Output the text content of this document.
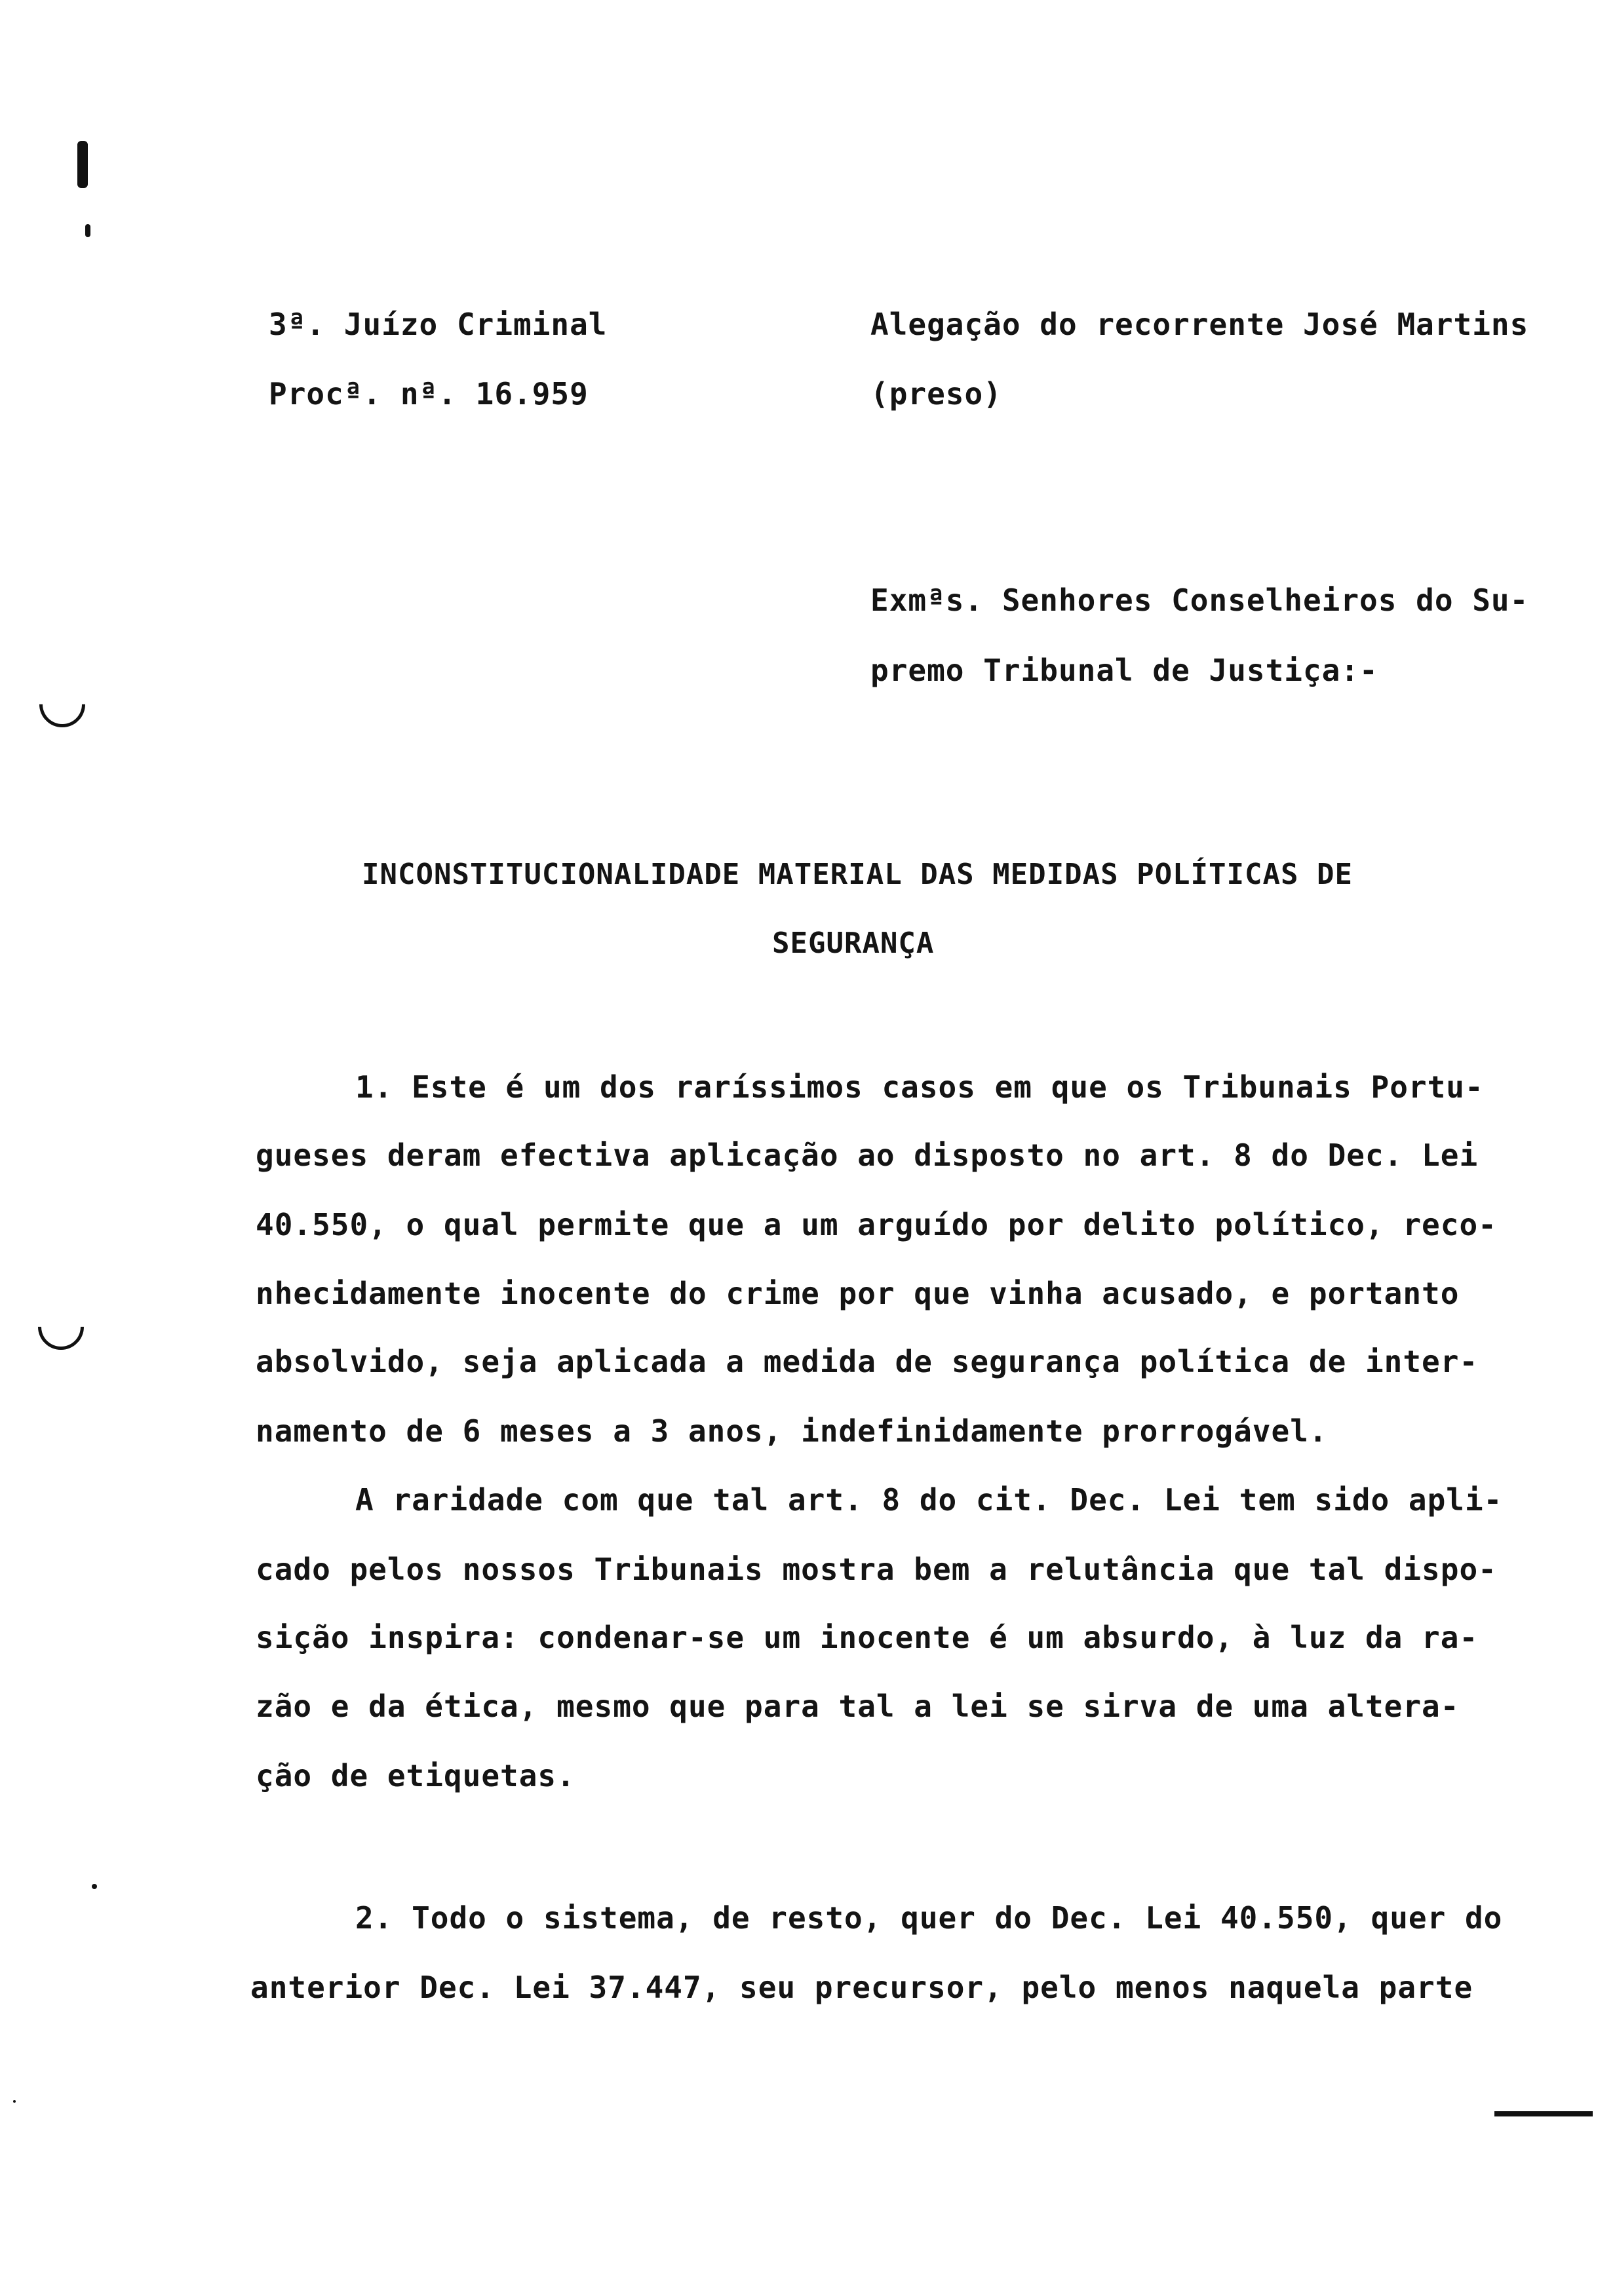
3ª. Juízo Criminal
Procª. nª. 16.959
Alegação do recorrente José Martins
(preso)
Exmªs. Senhores Conselheiros do Su-
premo Tribunal de Justiça:-
INCONSTITUCIONALIDADE MATERIAL DAS MEDIDAS POLÍTICAS DE
SEGURANÇA
1. Este é um dos raríssimos casos em que os Tribunais Portu-
gueses deram efectiva aplicação ao disposto no art. 8 do Dec. Lei
40.550, o qual permite que a um arguído por delito político, reco-
nhecidamente inocente do crime por que vinha acusado, e portanto
absolvido, seja aplicada a medida de segurança política de inter-
namento de 6 meses a 3 anos, indefinidamente prorrogável.
A raridade com que tal art. 8 do cit. Dec. Lei tem sido apli-
cado pelos nossos Tribunais mostra bem a relutância que tal dispo-
sição inspira: condenar-se um inocente é um absurdo, à luz da ra-
zão e da ética, mesmo que para tal a lei se sirva de uma altera-
ção de etiquetas.
2. Todo o sistema, de resto, quer do Dec. Lei 40.550, quer do
anterior Dec. Lei 37.447, seu precursor, pelo menos naquela parte
